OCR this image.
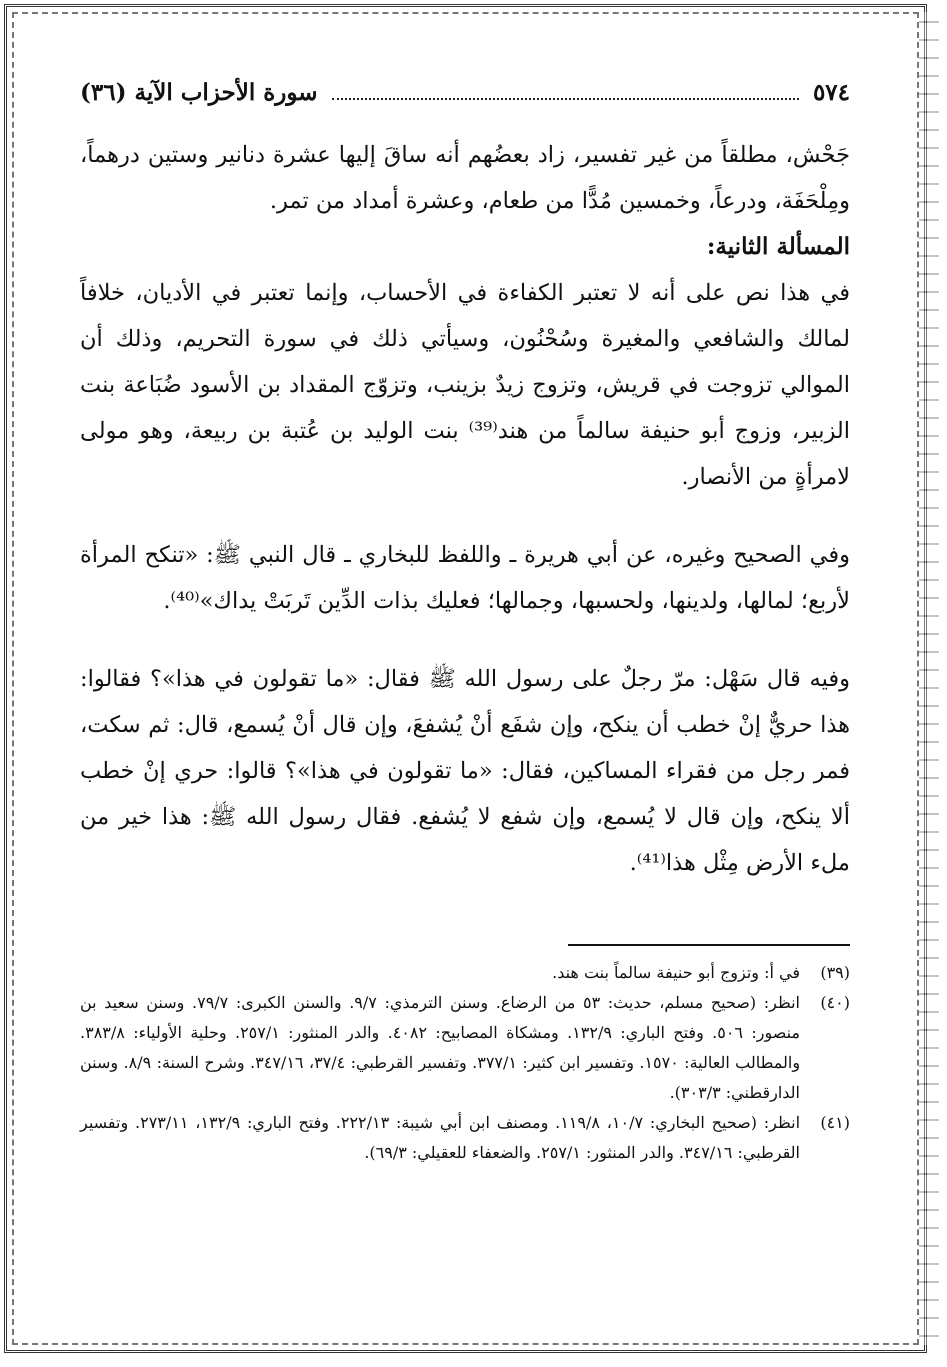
٥٧٤
سورة الأحزاب الآية (٣٦)

جَحْش، مطلقاً من غير تفسير، زاد بعضُهم أنه ساقَ إليها عشرة دنانير وستين درهماً، ومِلْحَفَة، ودرعاً، وخمسين مُدًّا من طعام، وعشرة أمداد من تمر.

المسألة الثانية:

في هذا نص على أنه لا تعتبر الكفاءة في الأحساب، وإنما تعتبر في الأديان، خلافاً لمالك والشافعي والمغيرة وسُحْنُون، وسيأتي ذلك في سورة التحريم، وذلك أن الموالي تزوجت في قريش، وتزوج زيدٌ بزينب، وتزوّج المقداد بن الأسود ضُبَاعة بنت الزبير، وزوج أبو حنيفة سالماً من هند⁽³⁹⁾ بنت الوليد بن عُتبة بن ربيعة، وهو مولى لامرأةٍ من الأنصار.

وفي الصحيح وغيره، عن أبي هريرة ـ واللفظ للبخاري ـ قال النبي ﷺ: «تنكح المرأة لأربع؛ لمالها، ولدينها، ولحسبها، وجمالها؛ فعليك بذات الدِّين تَربَتْ يداك»⁽⁴⁰⁾.

وفيه قال سَهْل: مرّ رجلٌ على رسول الله ﷺ فقال: «ما تقولون في هذا»؟ فقالوا: هذا حريٌّ إنْ خطب أن ينكح، وإن شفَع أنْ يُشفعَ، وإن قال أنْ يُسمع، قال: ثم سكت، فمر رجل من فقراء المساكين، فقال: «ما تقولون في هذا»؟ قالوا: حري إنْ خطب ألا ينكح، وإن قال لا يُسمع، وإن شفع لا يُشفع. فقال رسول الله ﷺ: هذا خير من ملء الأرض مِثْل هذا⁽⁴¹⁾.

(٣٩)
في أ: وتزوج أبو حنيفة سالماً بنت هند.
(٤٠)
انظر: (صحيح مسلم، حديث: ٥٣ من الرضاع. وسنن الترمذي: ٩/٧. والسنن الكبرى: ٧٩/٧. وسنن سعيد بن منصور: ٥٠٦. وفتح الباري: ١٣٢/٩. ومشكاة المصابيح: ٤٠٨٢. والدر المنثور: ٢٥٧/١. وحلية الأولياء: ٣٨٣/٨. والمطالب العالية: ١٥٧٠. وتفسير ابن كثير: ٣٧٧/١. وتفسير القرطبي: ٣٧/٤، ٣٤٧/١٦. وشرح السنة: ٨/٩. وسنن الدارقطني: ٣٠٣/٣).
(٤١)
انظر: (صحيح البخاري: ١٠/٧، ١١٩/٨. ومصنف ابن أبي شيبة: ٢٢٢/١٣. وفتح الباري: ١٣٢/٩، ٢٧٣/١١. وتفسير القرطبي: ٣٤٧/١٦. والدر المنثور: ٢٥٧/١. والضعفاء للعقيلي: ٦٩/٣).
